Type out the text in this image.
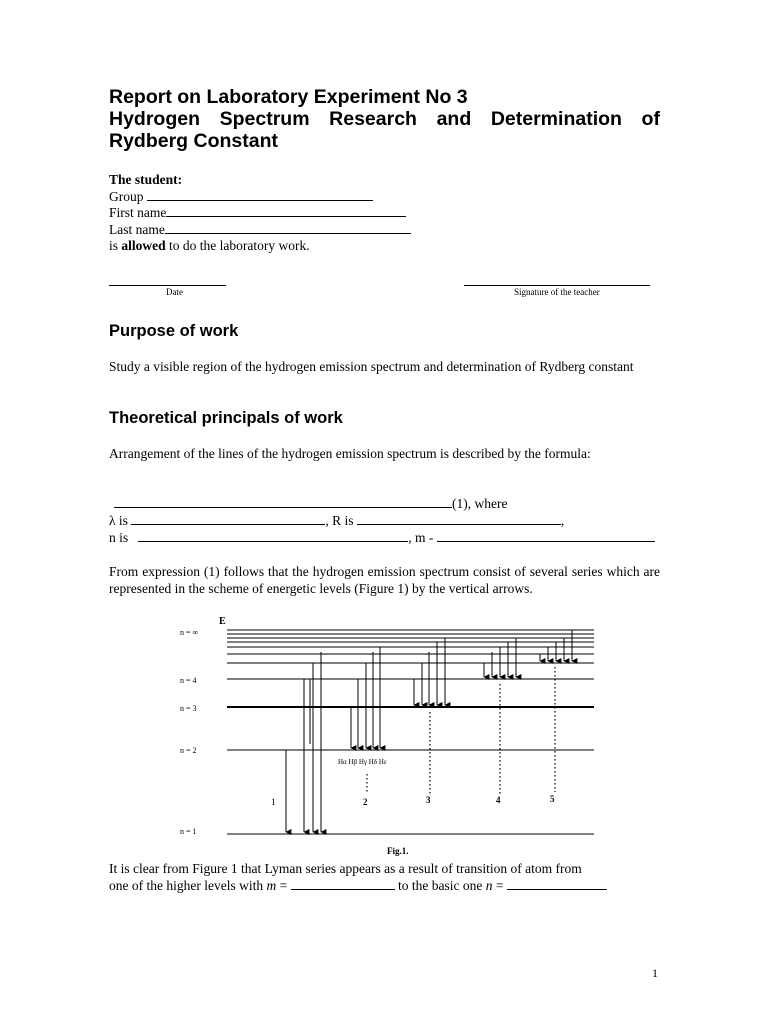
Report on Laboratory Experiment No 3
Hydrogen Spectrum Research and Determination of
Rydberg Constant
The student:
Group
First name
Last name
is allowed to do the laboratory work.
Date	Signature of the teacher
Purpose of work
Study a visible region of the hydrogen emission spectrum and determination of Rydberg constant
Theoretical principals of work
Arrangement of the lines of the hydrogen emission spectrum is described by the formula:
(1), where
λ is	, R is	,
n is	, m -
From expression (1) follows that the hydrogen emission spectrum consist of several series which are represented in the scheme of energetic levels (Figure 1) by the vertical arrows.
E
n = ∞
n = 4
n = 3
n = 2
n = 1
Hα Hβ Hγ Hδ Hε
1	2	3	4	5
Fig.1.
It is clear from Figure 1 that Lyman series appears as a result of transition of atom from
one of the higher levels with m =	to the basic one n =
1
